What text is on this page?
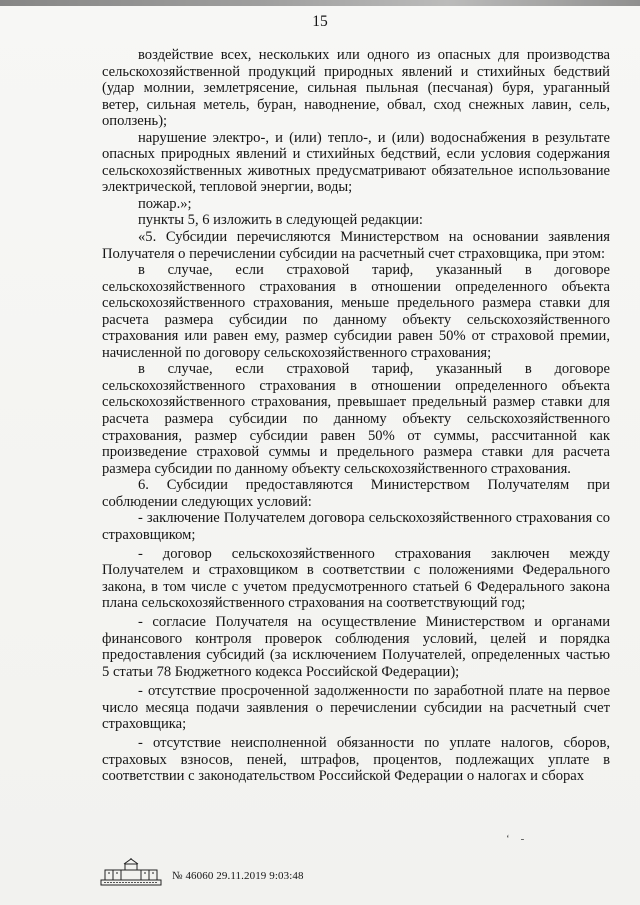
15

воздействие всех, нескольких или одного из опасных для производства сельскохозяйственной продукций природных явлений и стихийных бедствий (удар молнии, землетрясение, сильная пыльная (песчаная) буря, ураганный ветер, сильная метель, буран, наводнение, обвал, сход снежных лавин, сель, оползень);

нарушение электро-, и (или) тепло-, и (или) водоснабжения в результате опасных природных явлений и стихийных бедствий, если условия содержания сельскохозяйственных животных предусматривают обязательное использование электрической, тепловой энергии, воды;

пожар.»;

пункты 5, 6 изложить в следующей редакции:

«5. Субсидии перечисляются Министерством на основании заявления Получателя о перечислении субсидии на расчетный счет страховщика, при этом:

в случае, если страховой тариф, указанный в договоре сельскохозяйственного страхования в отношении определенного объекта сельскохозяйственного страхования, меньше предельного размера ставки для расчета размера субсидии по данному объекту сельскохозяйственного страхования или равен ему, размер субсидии равен 50% от страховой премии, начисленной по договору сельскохозяйственного страхования;

в случае, если страховой тариф, указанный в договоре сельскохозяйственного страхования в отношении определенного объекта сельскохозяйственного страхования, превышает предельный размер ставки для расчета размера субсидии по данному объекту сельскохозяйственного страхования, размер субсидии равен 50% от суммы, рассчитанной как произведение страховой суммы и предельного размера ставки для расчета размера субсидии по данному объекту сельскохозяйственного страхования.

6. Субсидии предоставляются Министерством Получателям при соблюдении следующих условий:

- заключение Получателем договора сельскохозяйственного страхования со страховщиком;

- договор сельскохозяйственного страхования заключен между Получателем и страховщиком в соответствии с положениями Федерального закона, в том числе с учетом предусмотренного статьей 6 Федерального закона плана сельскохозяйственного страхования на соответствующий год;

- согласие Получателя на осуществление Министерством и органами финансового контроля проверок соблюдения условий, целей и порядка предоставления субсидий (за исключением Получателей, определенных частью 5 статьи 78 Бюджетного кодекса Российской Федерации);

- отсутствие просроченной задолженности по заработной плате на первое число месяца подачи заявления о перечислении субсидии на расчетный счет страховщика;

- отсутствие неисполненной обязанности по уплате налогов, сборов, страховых взносов, пеней, штрафов, процентов, подлежащих уплате в соответствии с законодательством Российской Федерации о налогах и сборах

‘    -
№ 46060 29.11.2019 9:03:48
